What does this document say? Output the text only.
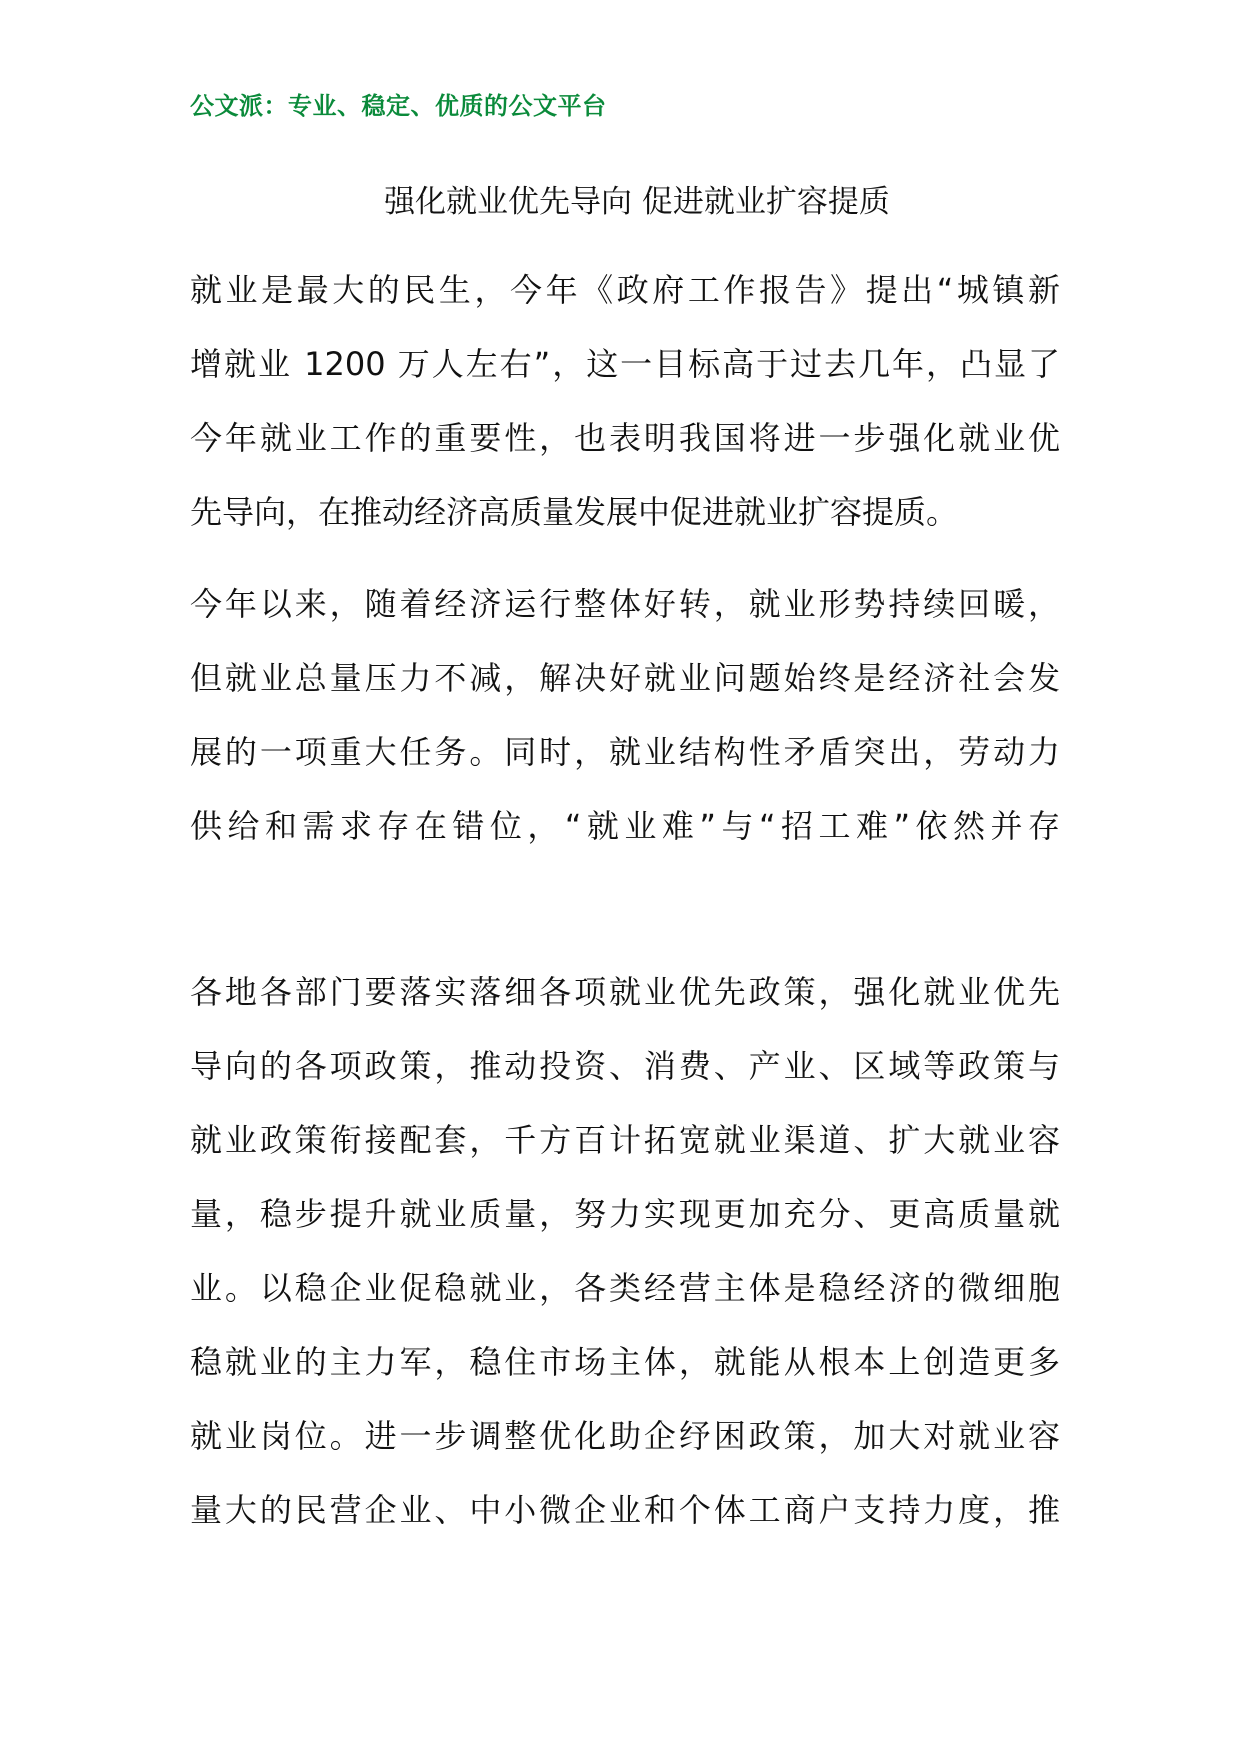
公文派：专业、稳定、优质的公文平台
强化就业优先导向 促进就业扩容提质
就业是最大的民生，今年《政府工作报告》提出“城镇新
增就业 1200 万人左右”，这一目标高于过去几年，凸显了
今年就业工作的重要性，也表明我国将进一步强化就业优
先导向，在推动经济高质量发展中促进就业扩容提质。
今年以来，随着经济运行整体好转，就业形势持续回暖，
但就业总量压力不减，解决好就业问题始终是经济社会发
展的一项重大任务。同时，就业结构性矛盾突出，劳动力
供给和需求存在错位，“就业难”与“招工难”依然并存
各地各部门要落实落细各项就业优先政策，强化就业优先
导向的各项政策，推动投资、消费、产业、区域等政策与
就业政策衔接配套，千方百计拓宽就业渠道、扩大就业容
量，稳步提升就业质量，努力实现更加充分、更高质量就
业。以稳企业促稳就业，各类经营主体是稳经济的微细胞
稳就业的主力军，稳住市场主体，就能从根本上创造更多
就业岗位。进一步调整优化助企纾困政策，加大对就业容
量大的民营企业、中小微企业和个体工商户支持力度，推
